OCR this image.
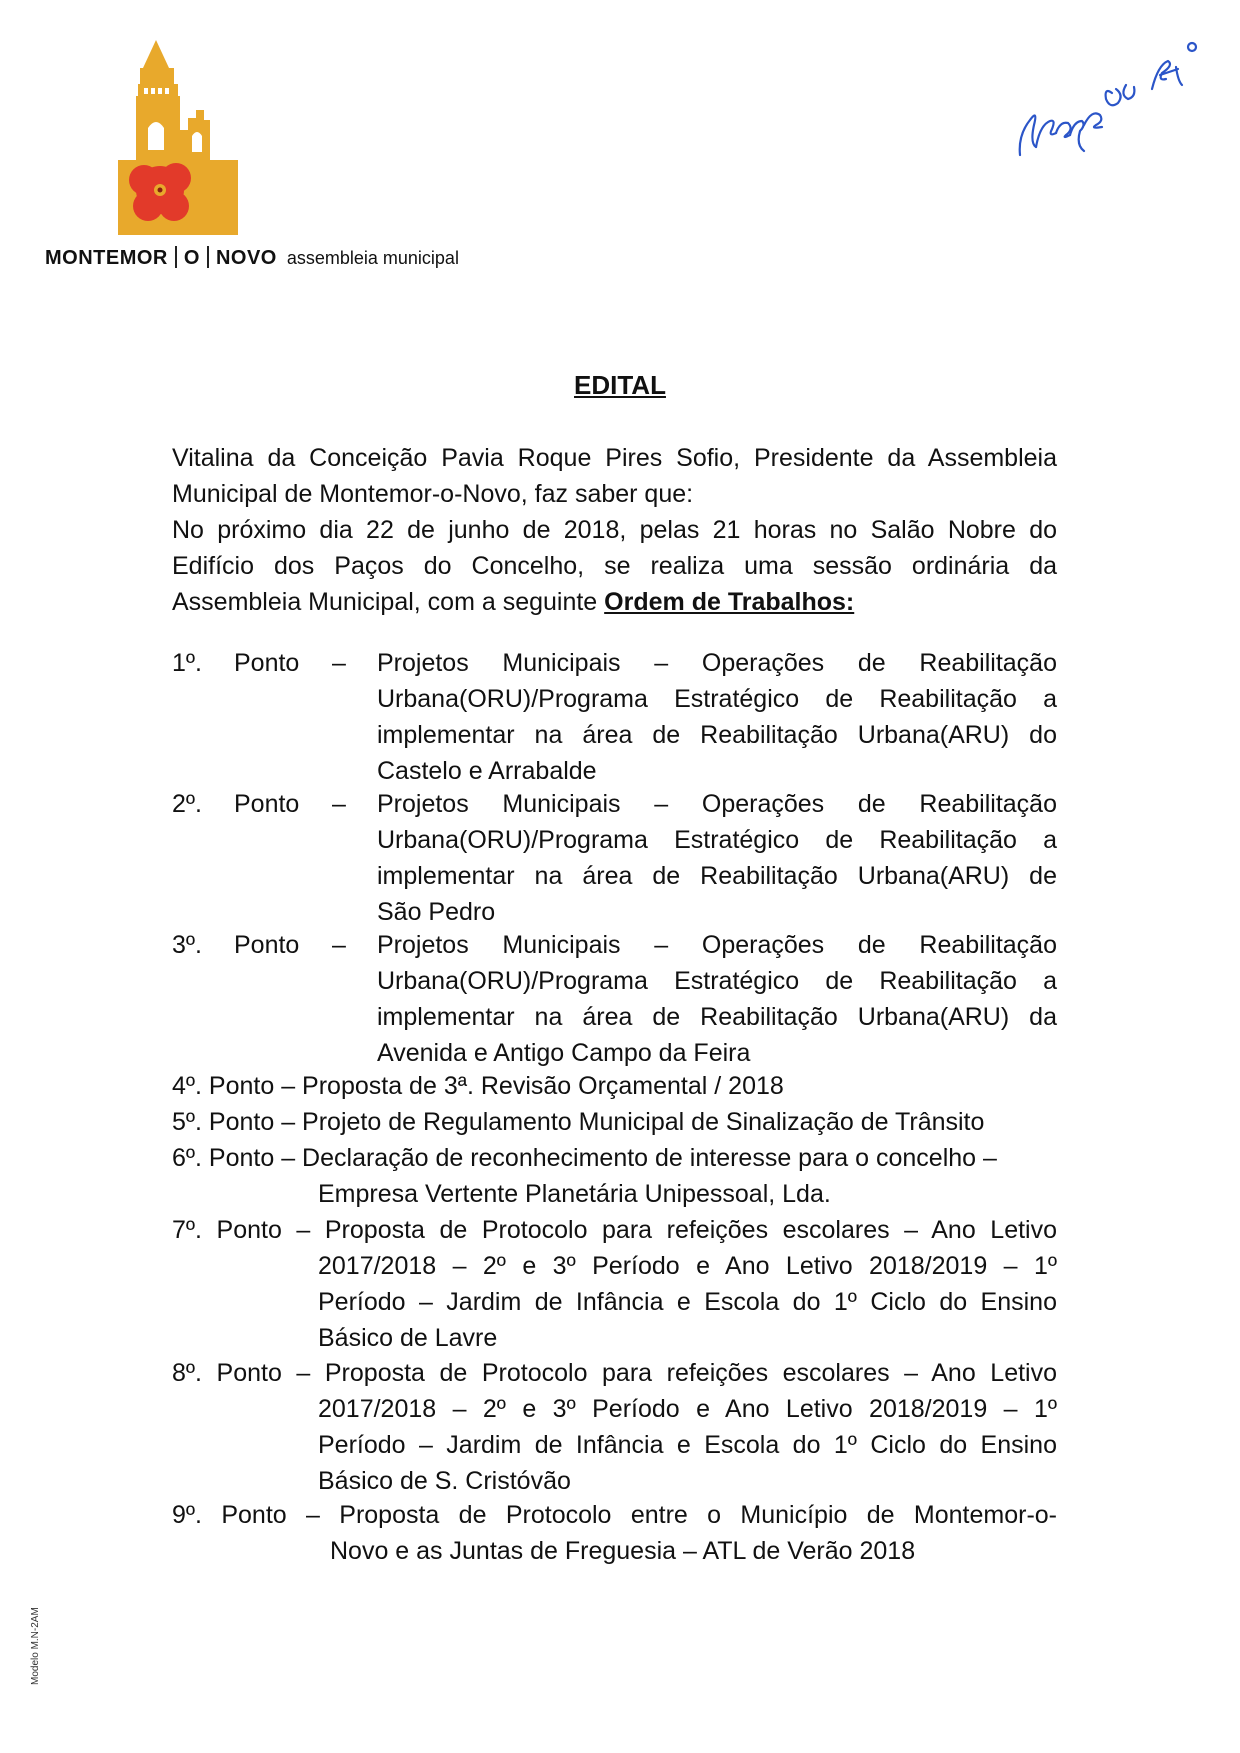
MONTEMOR O NOVO assembleia municipal
EDITAL

Vitalina da Conceição Pavia Roque Pires Sofio, Presidente da Assembleia Municipal de Montemor-o-Novo, faz saber que:

No próximo dia 22 de junho de 2018, pelas 21 horas no Salão Nobre do Edifício dos Paços do Concelho, se realiza uma sessão ordinária da Assembleia Municipal, com a seguinte Ordem de Trabalhos:

1º.	Ponto	–	Projetos Municipais – Operações de Reabilitação
Urbana(ORU)/Programa Estratégico de Reabilitação a
implementar na área de Reabilitação Urbana(ARU) do
Castelo e Arrabalde
2º.	Ponto	–	Projetos Municipais – Operações de Reabilitação
Urbana(ORU)/Programa Estratégico de Reabilitação a
implementar na área de Reabilitação Urbana(ARU) de
São Pedro
3º.	Ponto	–	Projetos Municipais – Operações de Reabilitação
Urbana(ORU)/Programa Estratégico de Reabilitação a
implementar na área de Reabilitação Urbana(ARU) da
Avenida e Antigo Campo da Feira
4º. Ponto – Proposta de 3ª. Revisão Orçamental / 2018
5º. Ponto – Projeto de Regulamento Municipal de Sinalização de Trânsito
6º. Ponto – Declaração de reconhecimento de interesse para o concelho –
Empresa Vertente Planetária Unipessoal, Lda.
7º. Ponto – Proposta de Protocolo para refeições escolares – Ano Letivo
2017/2018 – 2º e 3º Período e Ano Letivo 2018/2019 – 1º
Período – Jardim de Infância e Escola do 1º Ciclo do Ensino
Básico de Lavre
8º. Ponto – Proposta de Protocolo para refeições escolares – Ano Letivo
2017/2018 – 2º e 3º Período e Ano Letivo 2018/2019 – 1º
Período – Jardim de Infância e Escola do 1º Ciclo do Ensino
Básico de S. Cristóvão
9º. Ponto – Proposta de Protocolo entre o Município de Montemor-o-
Novo e as Juntas de Freguesia – ATL de Verão 2018
Modelo M.N-2AM
